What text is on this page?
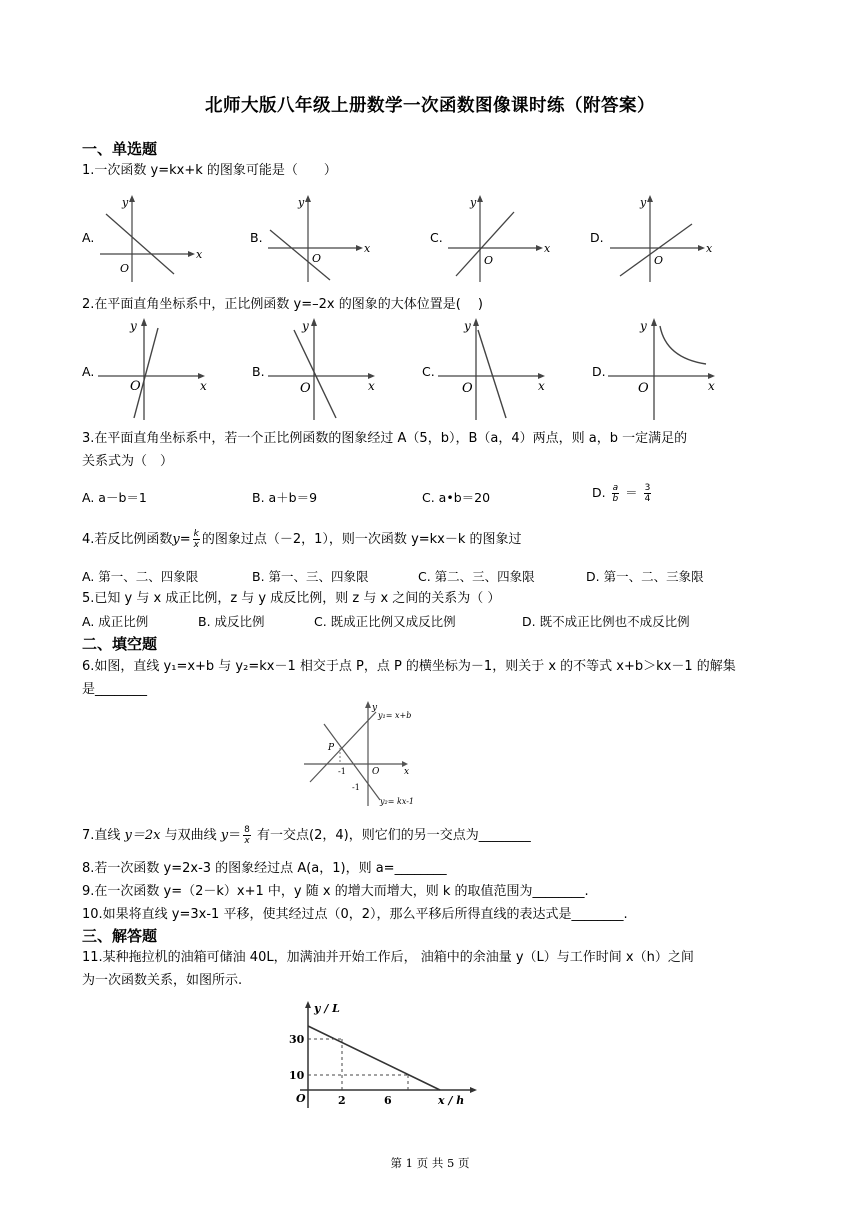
北师大版八年级上册数学一次函数图像课时练（附答案）
一、单选题
1.一次函数 y=kx+k 的图象可能是（　　）
A.	B.	C.	D.
O
x
y
O
x
y
O
x
y
O
x
y
2.在平面直角坐标系中，正比例函数 y=–2x 的图象的大体位置是(　 )
A.	B.	C.	D.
O	x
y
O	x
y
O	x
y
O	x
y
3.在平面直角坐标系中，若一个正比例函数的图象经过 A（5，b），B（a，4）两点，则 a，b 一定满足的
关系式为（　）
A. a－b＝1	B. a＋b＝9	C. a•b＝20	D. $\frac{a}{b} = \frac{3}{4}$
4.若反比例函数$y= \frac{k}{x}$ 的图象过点（－2，1），则一次函数 y=kx－k 的图象过
A. 第一、二、四象限	B. 第一、三、四象限	C. 第二、三、四象限	D. 第一、二、三象限
5.已知 y 与 x 成正比例，z 与 y 成反比例，则 z 与 x 之间的关系为（ ）
A. 成正比例	B. 成反比例	C. 既成正比例又成反比例	D. 既不成正比例也不成反比例
二、填空题
6.如图，直线 y₁=x+b 与 y₂=kx－1 相交于点 P，点 P 的横坐标为－1，则关于 x 的不等式 x+b＞kx－1 的解集
是________
y₁= x+b
y₂= kx-1
P
-1
-1
O	x
y
7.直线 y＝2x 与双曲线 $y= \frac{8}{x}$ 有一交点(2，4)，则它们的另一交点为________
8.若一次函数 y=2x-3 的图象经过点 A(a，1)，则 a=________
9.在一次函数 y=（2－k）x+1 中，y 随 x 的增大而增大，则 k 的取值范围为________.
10.如果将直线 y=3x-1 平移，使其经过点（0，2），那么平移后所得直线的表达式是________.
三、解答题
11.某种拖拉机的油箱可储油 40L，加满油并开始工作后， 油箱中的余油量 y（L）与工作时间 x（h）之间
为一次函数关系，如图所示.
y / L
x / h
30
10
O	2	6
第 1 页 共 5 页
